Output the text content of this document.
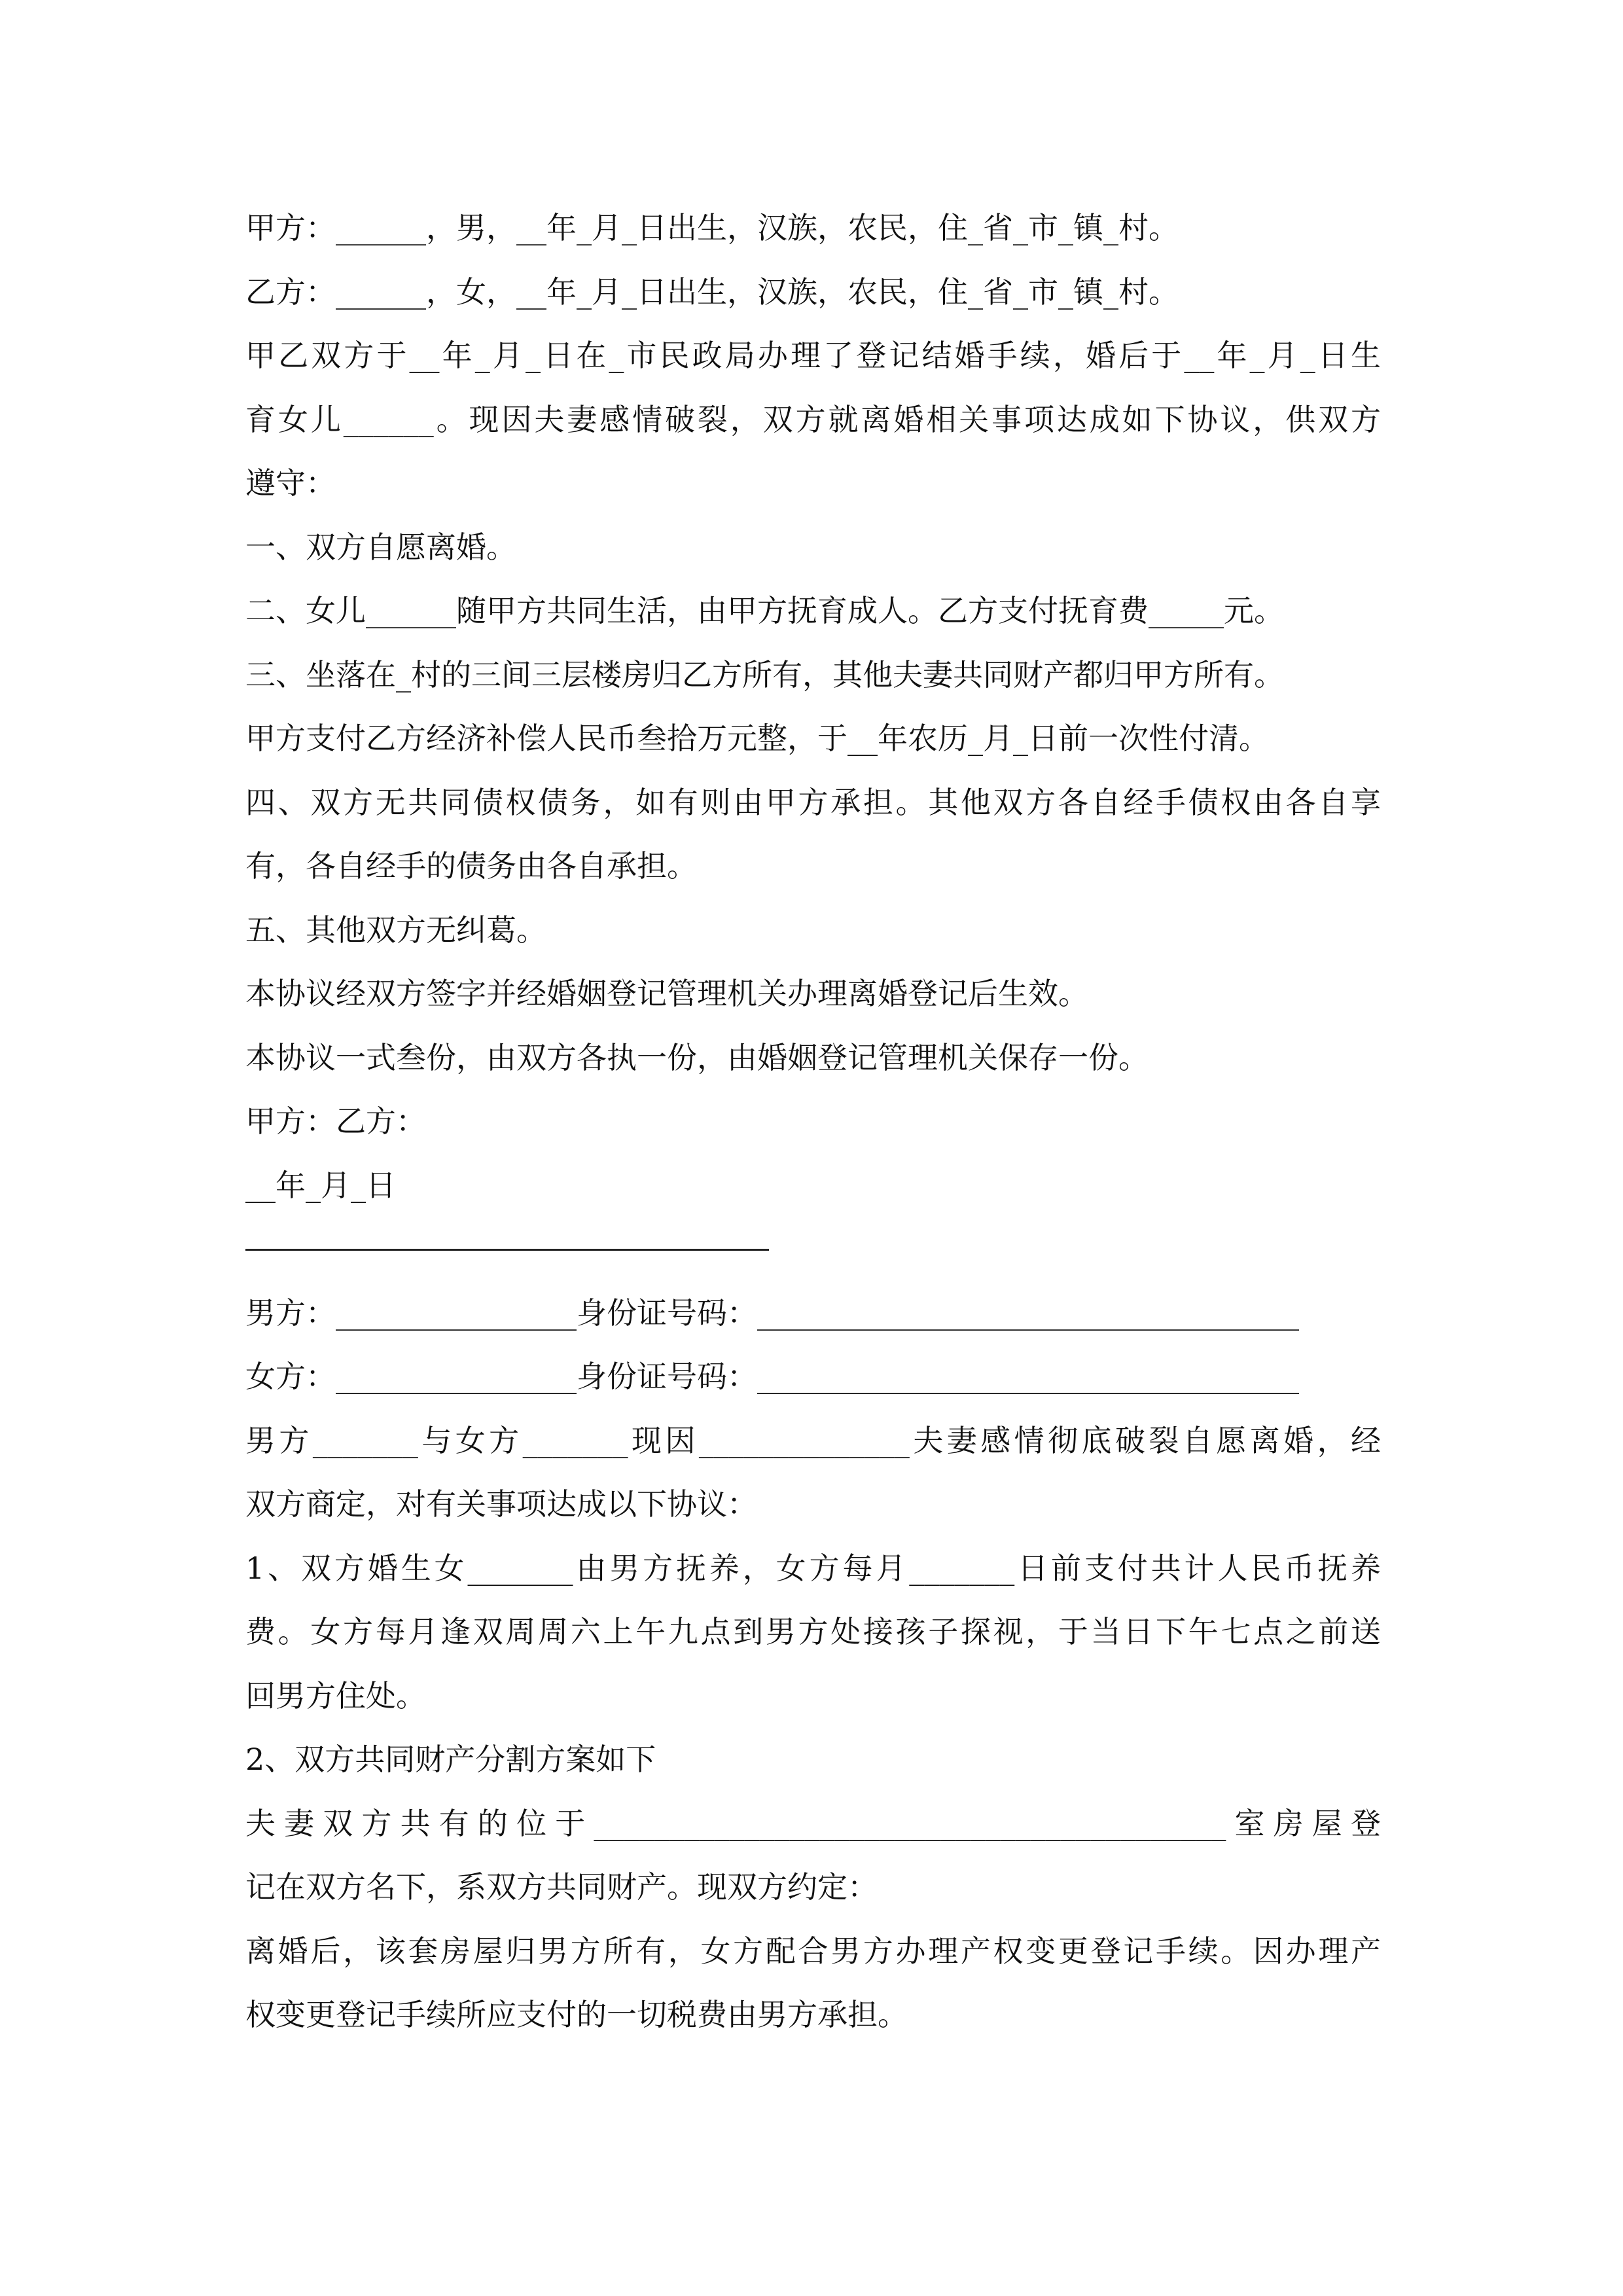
甲方：______，男，__年_月_日出生，汉族，农民，住_省_市_镇_村。
乙方：______，女，__年_月_日出生，汉族，农民，住_省_市_镇_村。
甲乙双方于__年_月_日在_市民政局办理了登记结婚手续，婚后于__年_月_日生
育女儿______。现因夫妻感情破裂，双方就离婚相关事项达成如下协议，供双方
遵守：
一、双方自愿离婚。
二、女儿______随甲方共同生活，由甲方抚育成人。乙方支付抚育费_____元。
三、坐落在_村的三间三层楼房归乙方所有，其他夫妻共同财产都归甲方所有。
甲方支付乙方经济补偿人民币叁拾万元整，于__年农历_月_日前一次性付清。
四、双方无共同债权债务，如有则由甲方承担。其他双方各自经手债权由各自享
有，各自经手的债务由各自承担。
五、其他双方无纠葛。
本协议经双方签字并经婚姻登记管理机关办理离婚登记后生效。
本协议一式叁份，由双方各执一份，由婚姻登记管理机关保存一份。
甲方：乙方：
__年_月_日
男方：________________身份证号码：____________________________________
女方：________________身份证号码：____________________________________
男方_______与女方_______现因______________夫妻感情彻底破裂自愿离婚，经
双方商定，对有关事项达成以下协议：
1、双方婚生女_______由男方抚养，女方每月_______日前支付共计人民币抚养
费。女方每月逢双周周六上午九点到男方处接孩子探视，于当日下午七点之前送
回男方住处。
2、双方共同财产分割方案如下
夫妻双方共有的位于__________________________________________室房屋登
记在双方名下，系双方共同财产。现双方约定：
离婚后，该套房屋归男方所有，女方配合男方办理产权变更登记手续。因办理产
权变更登记手续所应支付的一切税费由男方承担。
